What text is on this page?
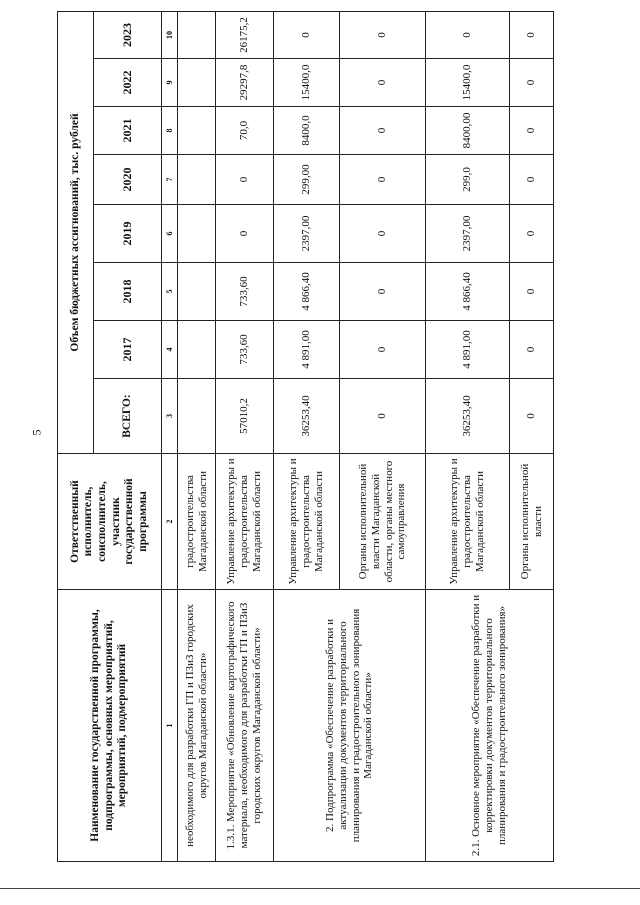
5
Наименование государственной программы, подпрограммы, основных мероприятий, мероприятий, подмероприятий	Ответственный исполнитель, соисполнитель, участник государственной программы	Объем бюджетных ассигнований, тыс. рублей							
		ВСЕГО:	2017	2018	2019	2020	2021	2022	2023
1	2	3	4	5	6	7	8	9	10
необходимого для разработки ГП и ПЗиЗ городских округов Магаданской области»	градостроительства Магаданской области								
1.3.1. Мероприятие «Обновление картографического материала, необходимого для разработки ГП и ПЗиЗ городских округов Магаданской области»	Управление архитектуры и градостроительства Магаданской области	57010,2	733,60	733,60	0	0	70,0	29297,8	26175,2
2. Подпрограмма «Обеспечение разработки и актуализации документов территориального планирования и градостроительного зонирования Магаданской области»	Управление архитектуры и градостроительства Магаданской области	36253,40	4 891,00	4 866,40	2397,00	299,00	8400,0	15400,0	0
	Органы исполнительной власти Магаданской области, органы местного самоуправления	0	0	0	0	0	0	0	0
2.1. Основное мероприятие «Обеспечение разработки и корректировки документов территориального планирования и градостроительного зонирования»	Управление архитектуры и градостроительства Магаданской области	36253,40	4 891,00	4 866,40	2397,00	299,0	8400,00	15400,0	0
	Органы исполнительной власти	0	0	0	0	0	0	0	0
